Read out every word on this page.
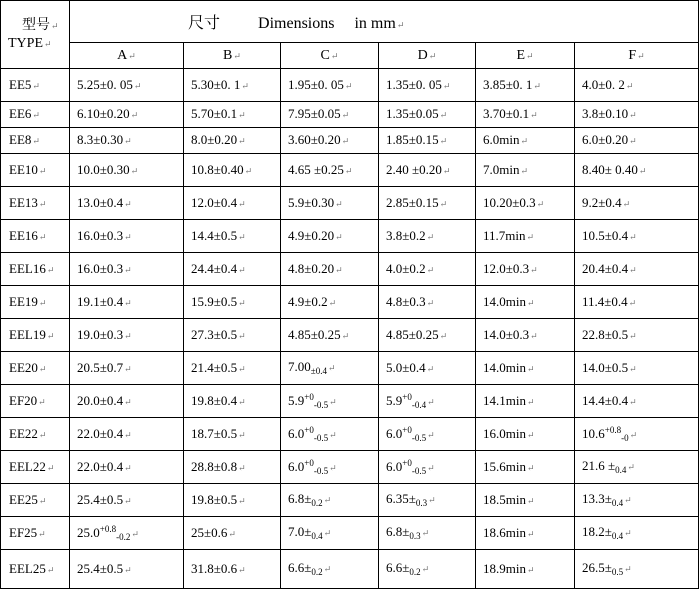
型号↵
TYPE↵	尺寸 Dimensions in mm↵					
	A↵	B↵	C↵	D↵	E↵	F↵
EE5↵	5.25±0. 05↵	5.30±0. 1↵	1.95±0. 05↵	1.35±0. 05↵	3.85±0. 1↵	4.0±0. 2↵
EE6↵	6.10±0.20↵	5.70±0.1↵	7.95±0.05↵	1.35±0.05↵	3.70±0.1↵	3.8±0.10↵
EE8↵	8.3±0.30↵	8.0±0.20↵	3.60±0.20↵	1.85±0.15↵	6.0min↵	6.0±0.20↵
EE10↵	10.0±0.30↵	10.8±0.40↵	4.65 ±0.25↵	2.40 ±0.20↵	7.0min↵	8.40± 0.40↵
EE13↵	13.0±0.4↵	12.0±0.4↵	5.9±0.30↵	2.85±0.15↵	10.20±0.3↵	9.2±0.4↵
EE16↵	16.0±0.3↵	14.4±0.5↵	4.9±0.20↵	3.8±0.2↵	11.7min↵	10.5±0.4↵
EEL16↵	16.0±0.3↵	24.4±0.4↵	4.8±0.20↵	4.0±0.2↵	12.0±0.3↵	20.4±0.4↵
EE19↵	19.1±0.4↵	15.9±0.5↵	4.9±0.2↵	4.8±0.3↵	14.0min↵	11.4±0.4↵
EEL19↵	19.0±0.3↵	27.3±0.5↵	4.85±0.25↵	4.85±0.25↵	14.0±0.3↵	22.8±0.5↵
EE20↵	20.5±0.7↵	21.4±0.5↵	$7.00_{\pm 0.4}↵$	5.0±0.4↵	14.0min↵	14.0±0.5↵
EF20↵	20.0±0.4↵	19.8±0.4↵	$5.9^{+0}_{-0.5}↵$	$5.9^{+0}_{-0.4}↵$	14.1min↵	14.4±0.4↵
EE22↵	22.0±0.4↵	18.7±0.5↵	$6.0^{+0}_{-0.5}↵$	$6.0^{+0}_{-0.5}↵$	16.0min↵	$10.6^{+0.8}_{-0}↵$
EEL22↵	22.0±0.4↵	28.8±0.8↵	$6.0^{+0}_{-0.5}↵$	$6.0^{+0}_{-0.5}↵$	15.6min↵	$21.6 \pm_{0.4}↵$
EE25↵	25.4±0.5↵	19.8±0.5↵	$6.8\pm_{0.2}↵$	$6.35\pm_{0.3}↵$	18.5min↵	$13.3\pm_{0.4}↵$
EF25↵	$25.0^{+0.8}_{-0.2}↵$	25±0.6↵	$7.0\pm_{0.4}↵$	$6.8\pm_{0.3}↵$	18.6min↵	$18.2\pm_{0.4}↵$
EEL25↵	25.4±0.5↵	31.8±0.6↵	$6.6\pm_{0.2}↵$	$6.6\pm_{0.2}↵$	18.9min↵	$26.5\pm_{0.5}↵$
